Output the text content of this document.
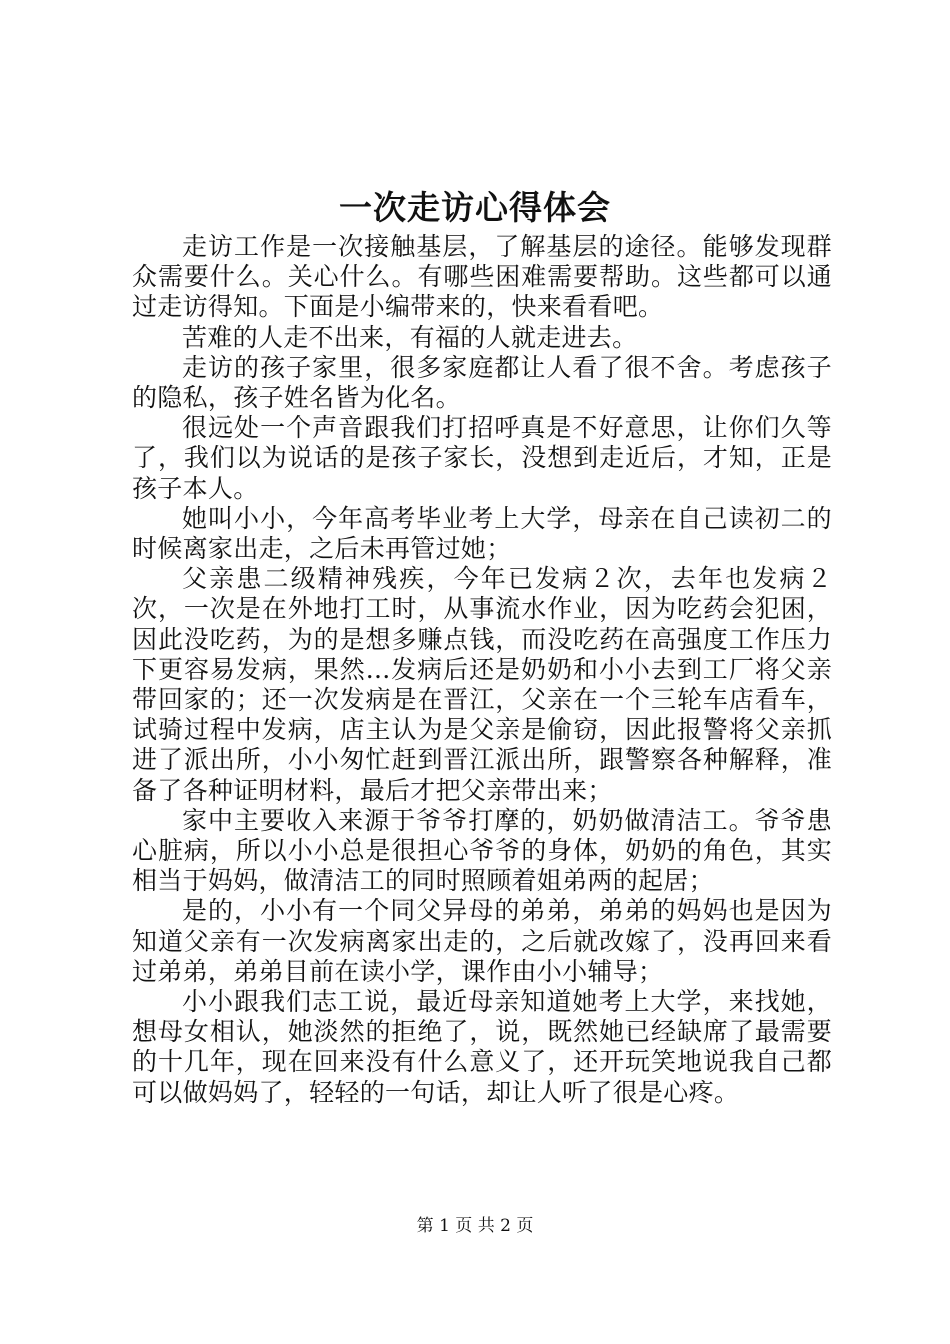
一次走访心得体会

走访工作是一次接触基层，了解基层的途径。能够发现群众需要什么。关心什么。有哪些困难需要帮助。这些都可以通过走访得知。下面是小编带来的，快来看看吧。

苦难的人走不出来，有福的人就走进去。

走访的孩子家里，很多家庭都让人看了很不舍。考虑孩子的隐私，孩子姓名皆为化名。

很远处一个声音跟我们打招呼真是不好意思，让你们久等了，我们以为说话的是孩子家长，没想到走近后，才知，正是孩子本人。

她叫小小，今年高考毕业考上大学，母亲在自己读初二的时候离家出走，之后未再管过她；

父亲患二级精神残疾，今年已发病２次，去年也发病２次，一次是在外地打工时，从事流水作业，因为吃药会犯困，因此没吃药，为的是想多赚点钱，而没吃药在高强度工作压力下更容易发病，果然...发病后还是奶奶和小小去到工厂将父亲带回家的；还一次发病是在晋江，父亲在一个三轮车店看车，试骑过程中发病，店主认为是父亲是偷窃，因此报警将父亲抓进了派出所，小小匆忙赶到晋江派出所，跟警察各种解释，准备了各种证明材料，最后才把父亲带出来；

家中主要收入来源于爷爷打摩的，奶奶做清洁工。爷爷患心脏病，所以小小总是很担心爷爷的身体，奶奶的角色，其实相当于妈妈，做清洁工的同时照顾着姐弟两的起居；

是的，小小有一个同父异母的弟弟，弟弟的妈妈也是因为知道父亲有一次发病离家出走的，之后就改嫁了，没再回来看过弟弟，弟弟目前在读小学，课作由小小辅导；

小小跟我们志工说，最近母亲知道她考上大学，来找她，想母女相认，她淡然的拒绝了，说，既然她已经缺席了最需要的十几年，现在回来没有什么意义了，还开玩笑地说我自己都可以做妈妈了，轻轻的一句话，却让人听了很是心疼。

第 1 页 共 2 页
